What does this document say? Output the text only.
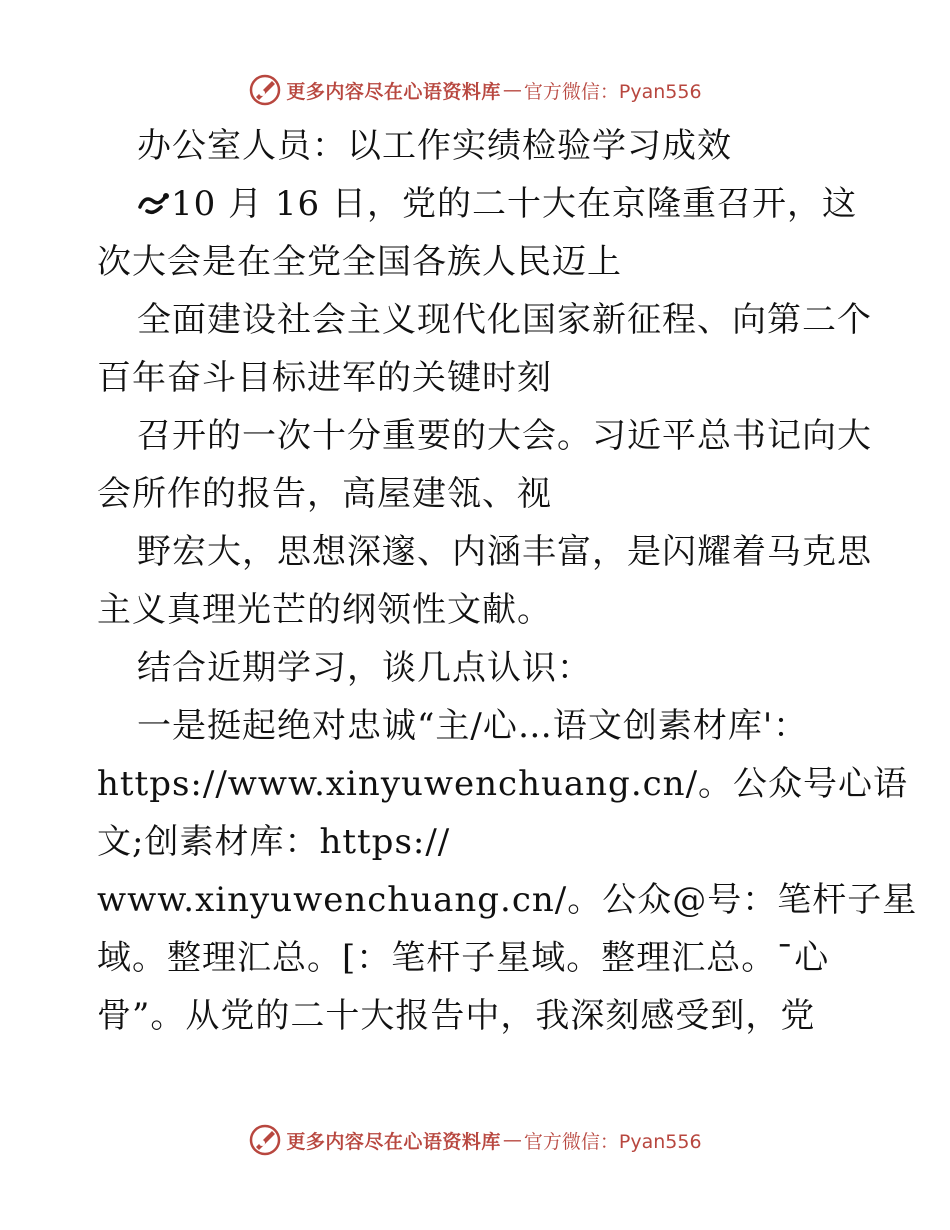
更多内容尽在心语资料库 — 官方微信：Pyan556
办公室人员：以工作实绩检验学习成效
10 月 16 日，党的二十大在京隆重召开，这
次大会是在全党全国各族人民迈上
全面建设社会主义现代化国家新征程、向第二个
百年奋斗目标进军的关键时刻
召开的一次十分重要的大会。习近平总书记向大
会所作的报告，高屋建瓴、视
野宏大，思想深邃、内涵丰富，是闪耀着马克思
主义真理光芒的纲领性文献。
结合近期学习，谈几点认识：
一是挺起绝对忠诚“主/心…语文创素材库'：
https://www.xinyuwenchuang.cn/。公众号心语
文;创素材库：https://
www.xinyuwenchuang.cn/。公众@号：笔杆子星
域。整理汇总。[：笔杆子星域。整理汇总。¯心
骨”。从党的二十大报告中，我深刻感受到，党
更多内容尽在心语资料库 — 官方微信：Pyan556
